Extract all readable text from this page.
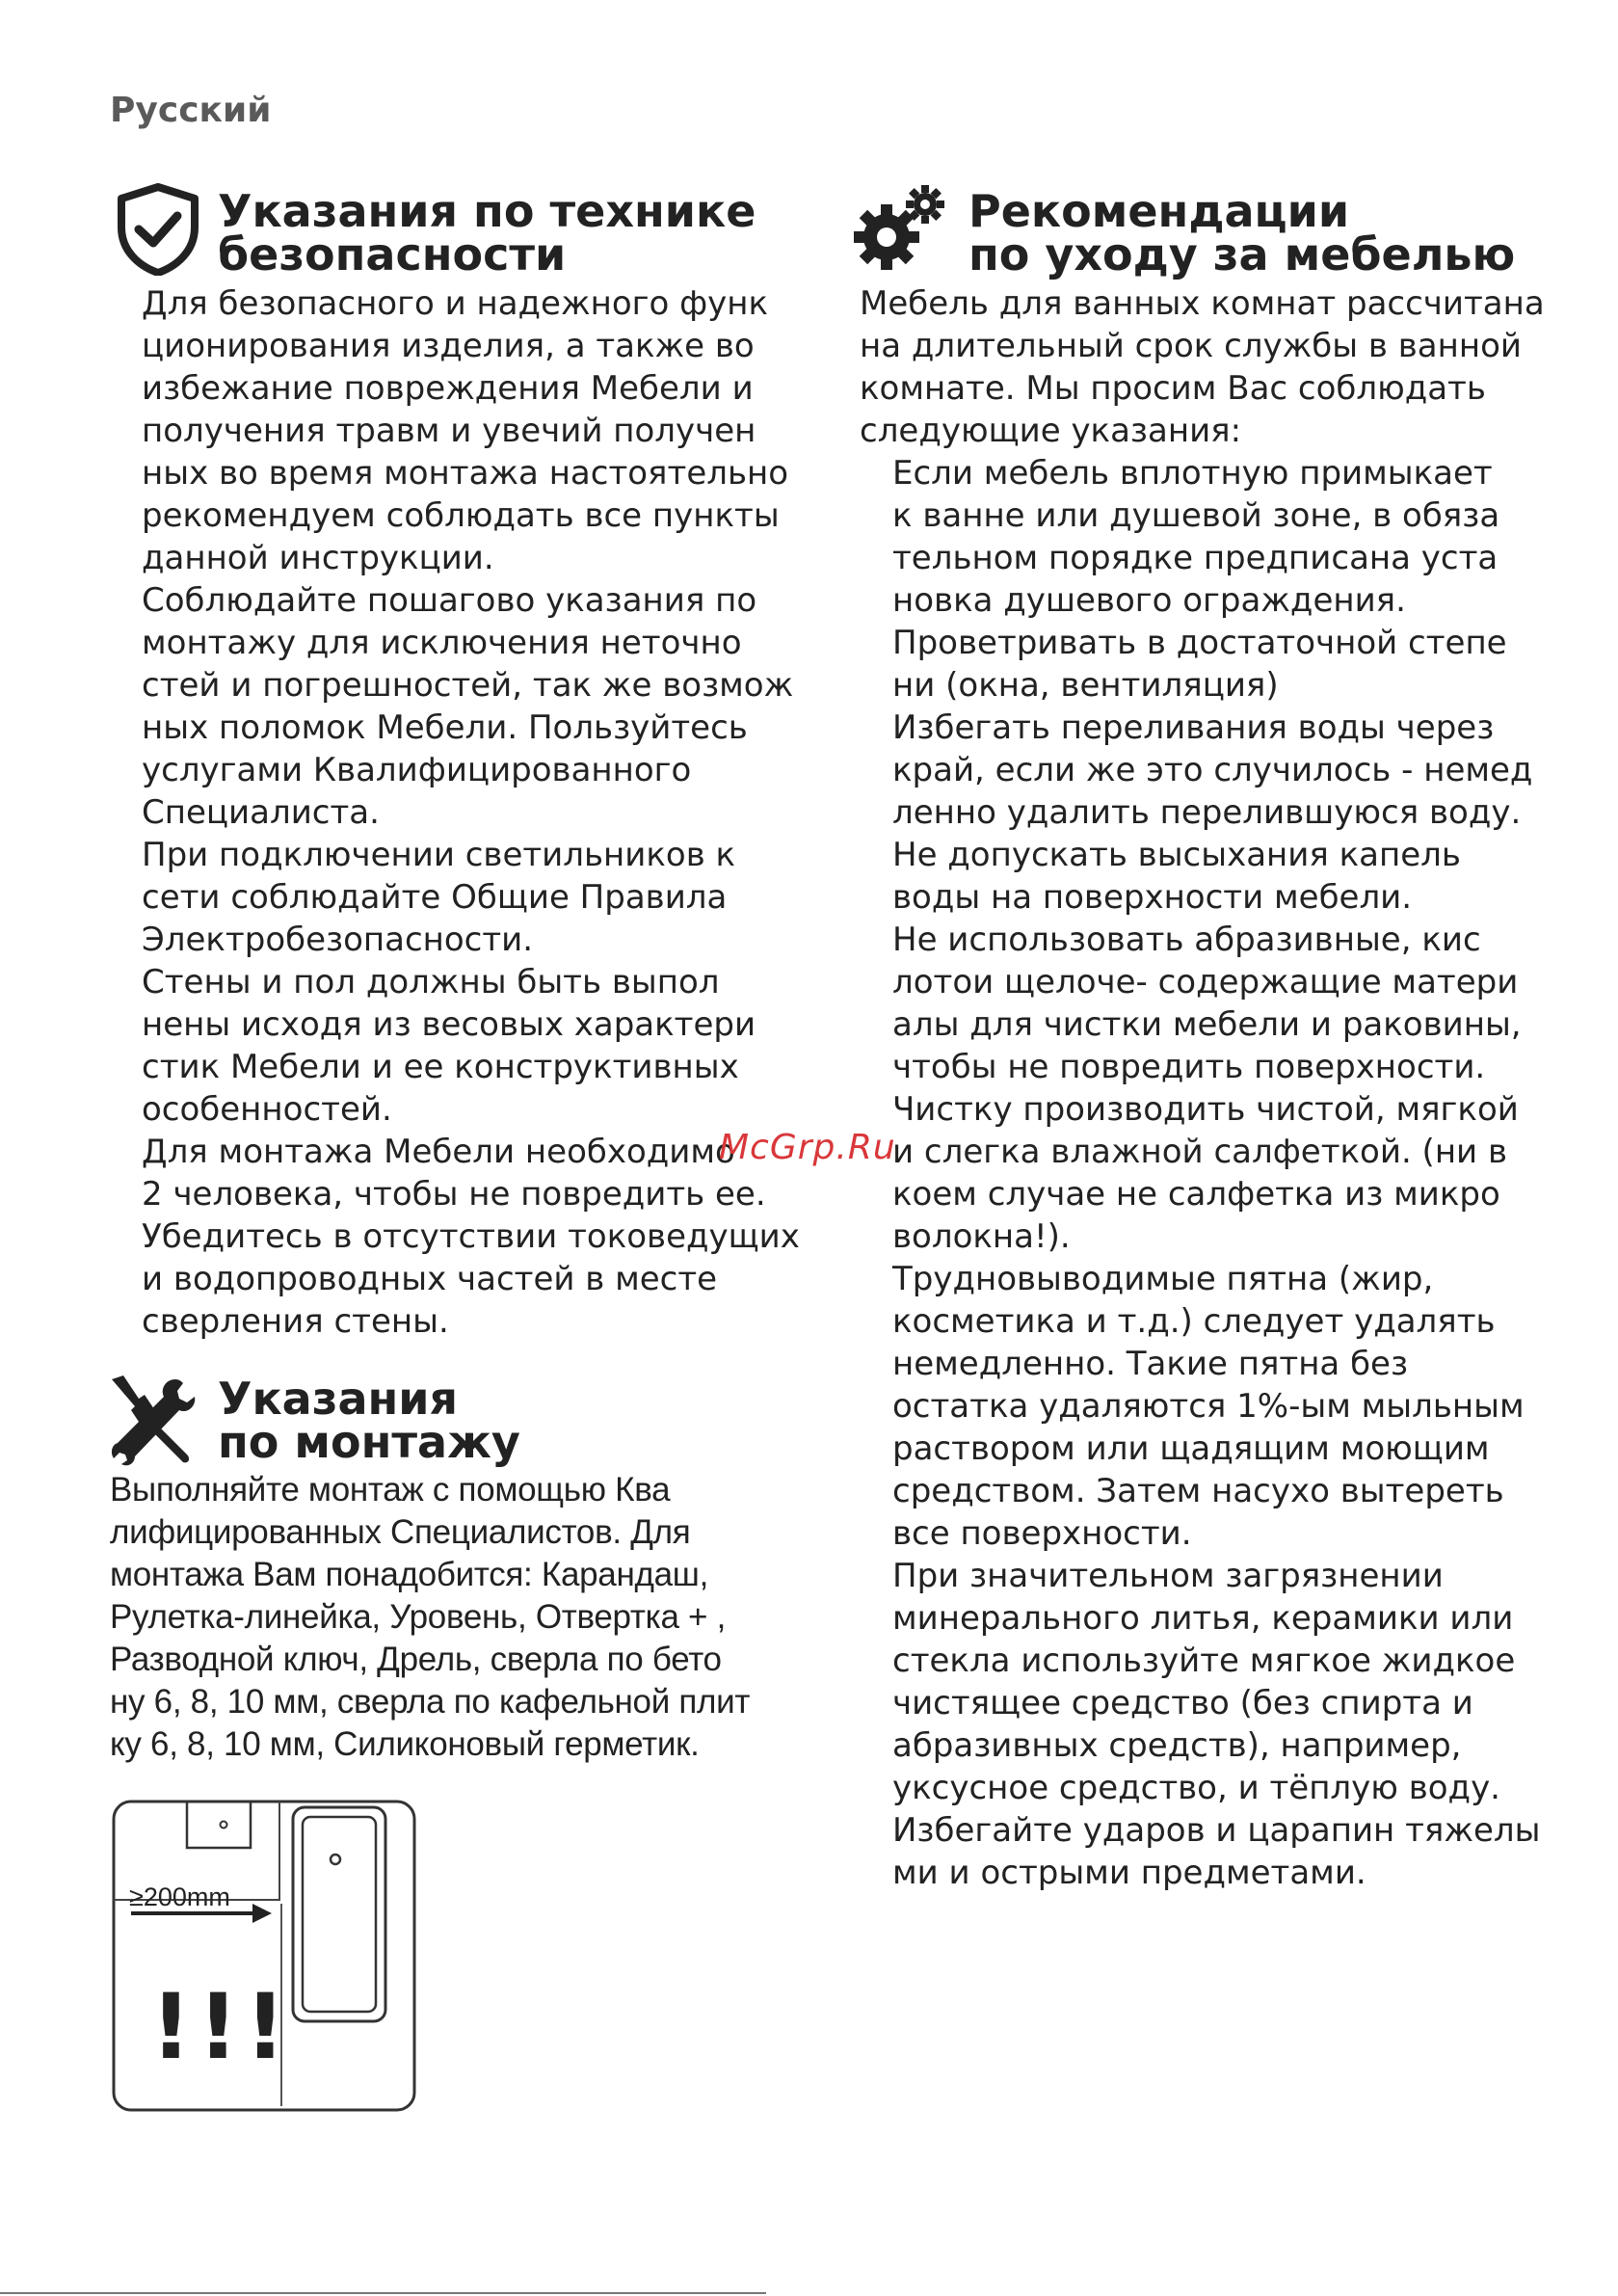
Русский
Указания по технике
безопасности
Для безопасного и надежного функ
ционирования изделия, а также во
избежание повреждения Мебели и
получения травм и увечий получен
ных во время монтажа настоятельно
рекомендуем соблюдать все пункты
данной инструкции.
Соблюдайте пошагово указания по
монтажу для исключения неточно
стей и погрешностей, так же возмож
ных поломок Мебели. Пользуйтесь
услугами Квалифицированного
Специалиста.
При подключении светильников к
сети соблюдайте Общие Правила
Электробезопасности.
Стены и пол должны быть выпол
нены исходя из весовых характери
стик Мебели и ее конструктивных
особенностей.
Для монтажа Мебели необходимо
2 человека, чтобы не повредить ее.
Убедитесь в отсутствии токоведущих
и водопроводных частей в месте
сверления стены.
Указания
по монтажу
Выполняйте монтаж с помощью Ква
лифицированных Специалистов. Для
монтажа Вам понадобится: Карандаш,
Рулетка-линейка, Уровень, Отвертка + ,
Разводной ключ, Дрель, сверла по бето
ну 6, 8, 10 мм, сверла по кафельной плит
ку 6, 8, 10 мм, Силиконовый герметик.
≥200mm
!!!
Рекомендации
по уходу за мебелью
Мебель для ванных комнат рассчитана
на длительный срок службы в ванной
комнате. Мы просим Вас соблюдать
следующие указания:
Если мебель вплотную примыкает
к ванне или душевой зоне, в обяза
тельном порядке предписана уста
новка душевого ограждения.
Проветривать в достаточной степе
ни (окна, вентиляция)
Избегать переливания воды через
край, если же это случилось - немед
ленно удалить перелившуюся воду.
Не допускать высыхания капель
воды на поверхности мебели.
Не использовать абразивные, кис
лотои щелоче- содержащие матери
алы для чистки мебели и раковины,
чтобы не повредить поверхности.
Чистку производить чистой, мягкой
и слегка влажной салфеткой. (ни в
коем случае не салфетка из микро
волокна!).
Трудновыводимые пятна (жир,
косметика и т.д.) следует удалять
немедленно. Такие пятна без
остатка удаляются 1%-ым мыльным
раствором или щадящим моющим
средством. Затем насухо вытереть
все поверхности.
При значительном загрязнении
минерального литья, керамики или
стекла используйте мягкое жидкое
чистящее средство (без спирта и
абразивных средств), например,
уксусное средство, и тёплую воду.
Избегайте ударов и царапин тяжелы
ми и острыми предметами.
McGrp.Ru
